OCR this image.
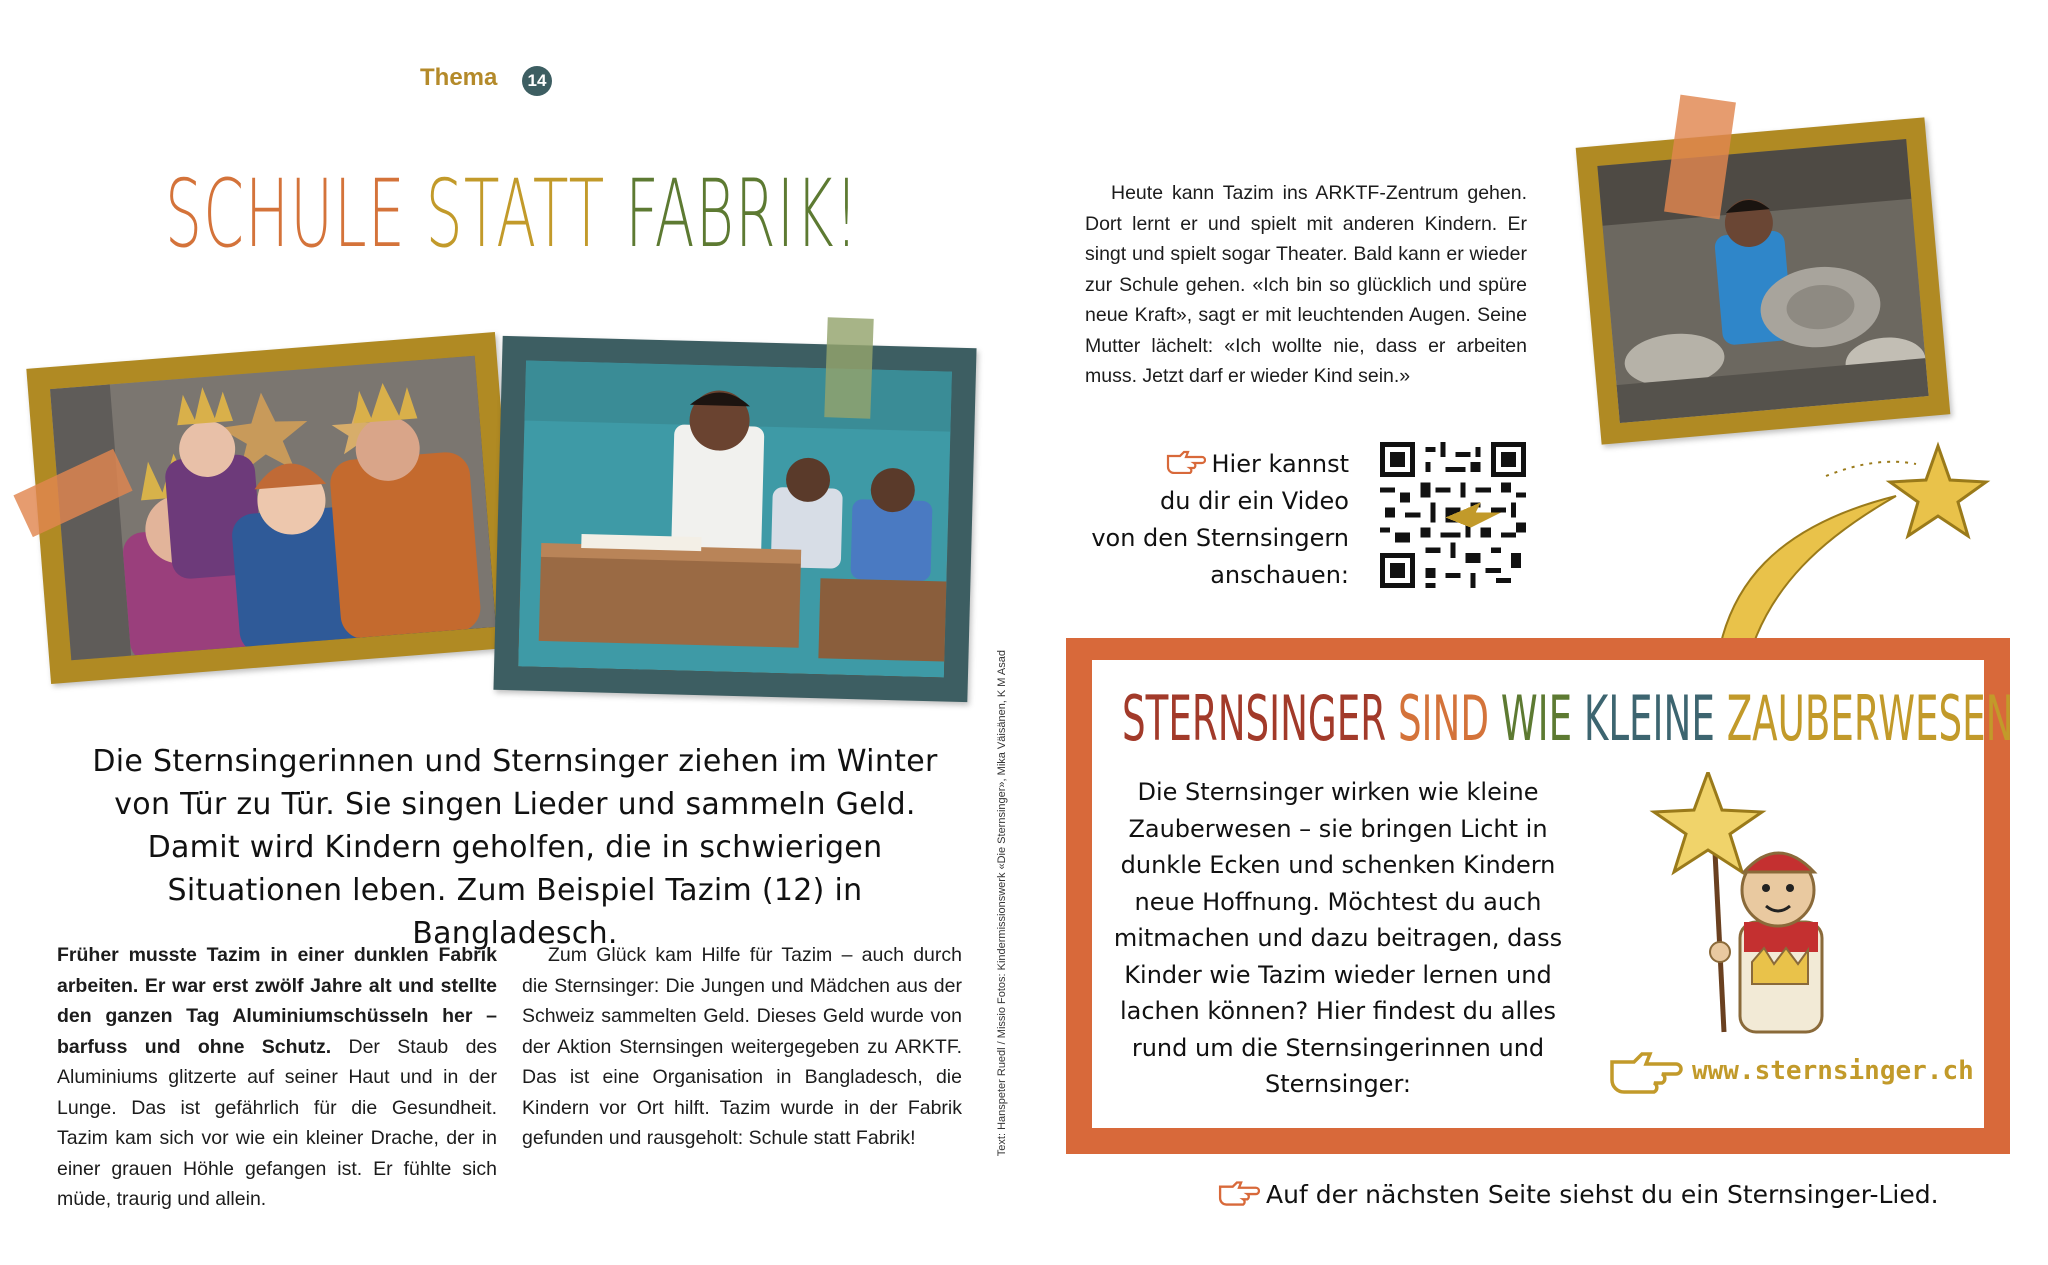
Thema	14
SCHULE STATT FABRIK!
Die Sternsingerinnen und Sternsinger ziehen im Winter von Tür zu Tür. Sie singen Lieder und sammeln Geld. Damit wird Kindern geholfen, die in schwierigen Situationen leben. Zum Beispiel Tazim (12) in Bangladesch.
Früher musste Tazim in einer dunklen Fabrik arbeiten. Er war erst zwölf Jahre alt und stellte den ganzen Tag Aluminiumschüsseln her – barfuss und ohne Schutz. Der Staub des Aluminiums glitzerte auf seiner Haut und in der Lunge. Das ist gefährlich für die Gesundheit. Tazim kam sich vor wie ein kleiner Drache, der in einer grauen Höhle gefangen ist. Er fühlte sich müde, traurig und allein.
Zum Glück kam Hilfe für Tazim – auch durch die Sternsinger: Die Jungen und Mädchen aus der Schweiz sammelten Geld. Dieses Geld wurde von der Aktion Sternsingen weitergegeben zu ARKTF. Das ist eine Organisation in Bangladesch, die Kindern vor Ort hilft. Tazim wurde in der Fabrik gefunden und rausgeholt: Schule statt Fabrik!	Text: Hanspeter Ruedl / Missio Fotos: Kindermissionswerk «Die Sternsinger», Mika Väisänen, K M Asad
Heute kann Tazim ins ARKTF-Zentrum gehen. Dort lernt er und spielt mit anderen Kindern. Er singt und spielt sogar Theater. Bald kann er wieder zur Schule gehen. «Ich bin so glücklich und spüre neue Kraft», sagt er mit leuchtenden Augen. Seine Mutter lächelt: «Ich wollte nie, dass er arbeiten muss. Jetzt darf er wieder Kind sein.»
Hier kannst
du dir ein Video
von den Sternsingern
anschauen:
STERNSINGER SIND WIE KLEINE ZAUBERWESEN
Die Sternsinger wirken wie kleine Zauberwesen – sie bringen Licht in dunkle Ecken und schenken Kindern neue Hoffnung. Möchtest du auch mitmachen und dazu beitragen, dass Kinder wie Tazim wieder lernen und lachen können? Hier findest du alles rund um die Sternsingerinnen und Sternsinger:	www.sternsinger.ch
Auf der nächsten Seite siehst du ein Sternsinger-Lied.
